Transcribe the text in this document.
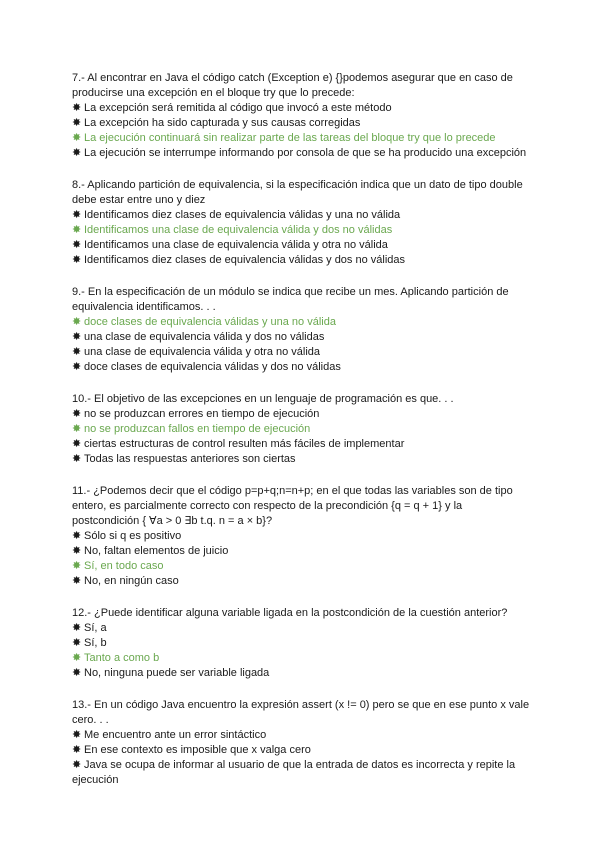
7.- Al encontrar en Java el código catch (Exception e) {}podemos asegurar que en caso de producirse una excepción en el bloque try que lo precede:

✸ La excepción será remitida al código que invocó a este método
✸ La excepción ha sido capturada y sus causas corregidas
✸ La ejecución continuará sin realizar parte de las tareas del bloque try que lo precede
✸ La ejecución se interrumpe informando por consola de que se ha producido una excepción

8.- Aplicando partición de equivalencia, si la especificación indica que un dato de tipo double debe estar entre uno y diez

✸ Identificamos diez clases de equivalencia válidas y una no válida
✸ Identificamos una clase de equivalencia válida y dos no válidas
✸ Identificamos una clase de equivalencia válida y otra no válida
✸ Identificamos diez clases de equivalencia válidas y dos no válidas

9.- En la especificación de un módulo se indica que recibe un mes. Aplicando partición de equivalencia identificamos. . .

✸ doce clases de equivalencia válidas y una no válida
✸ una clase de equivalencia válida y dos no válidas
✸ una clase de equivalencia válida y otra no válida
✸ doce clases de equivalencia válidas y dos no válidas

10.- El objetivo de las excepciones en un lenguaje de programación es que. . .

✸ no se produzcan errores en tiempo de ejecución
✸ no se produzcan fallos en tiempo de ejecución
✸ ciertas estructuras de control resulten más fáciles de implementar
✸ Todas las respuestas anteriores son ciertas

11.- ¿Podemos decir que el código p=p+q;n=n+p; en el que todas las variables son de tipo entero, es parcialmente correcto con respecto de la precondición {q = q + 1} y la postcondición { ∀a > 0 ∃b t.q. n = a × b}?

✸ Sólo si q es positivo
✸ No, faltan elementos de juicio
✸ Sí, en todo caso
✸ No, en ningún caso

12.- ¿Puede identificar alguna variable ligada en la postcondición de la cuestión anterior?

✸ Sí, a
✸ Sí, b
✸ Tanto a como b
✸ No, ninguna puede ser variable ligada

13.- En un código Java encuentro la expresión assert (x != 0) pero se que en ese punto x vale cero. . .

✸ Me encuentro ante un error sintáctico
✸ En ese contexto es imposible que x valga cero
✸ Java se ocupa de informar al usuario de que la entrada de datos es incorrecta y repite la ejecución
